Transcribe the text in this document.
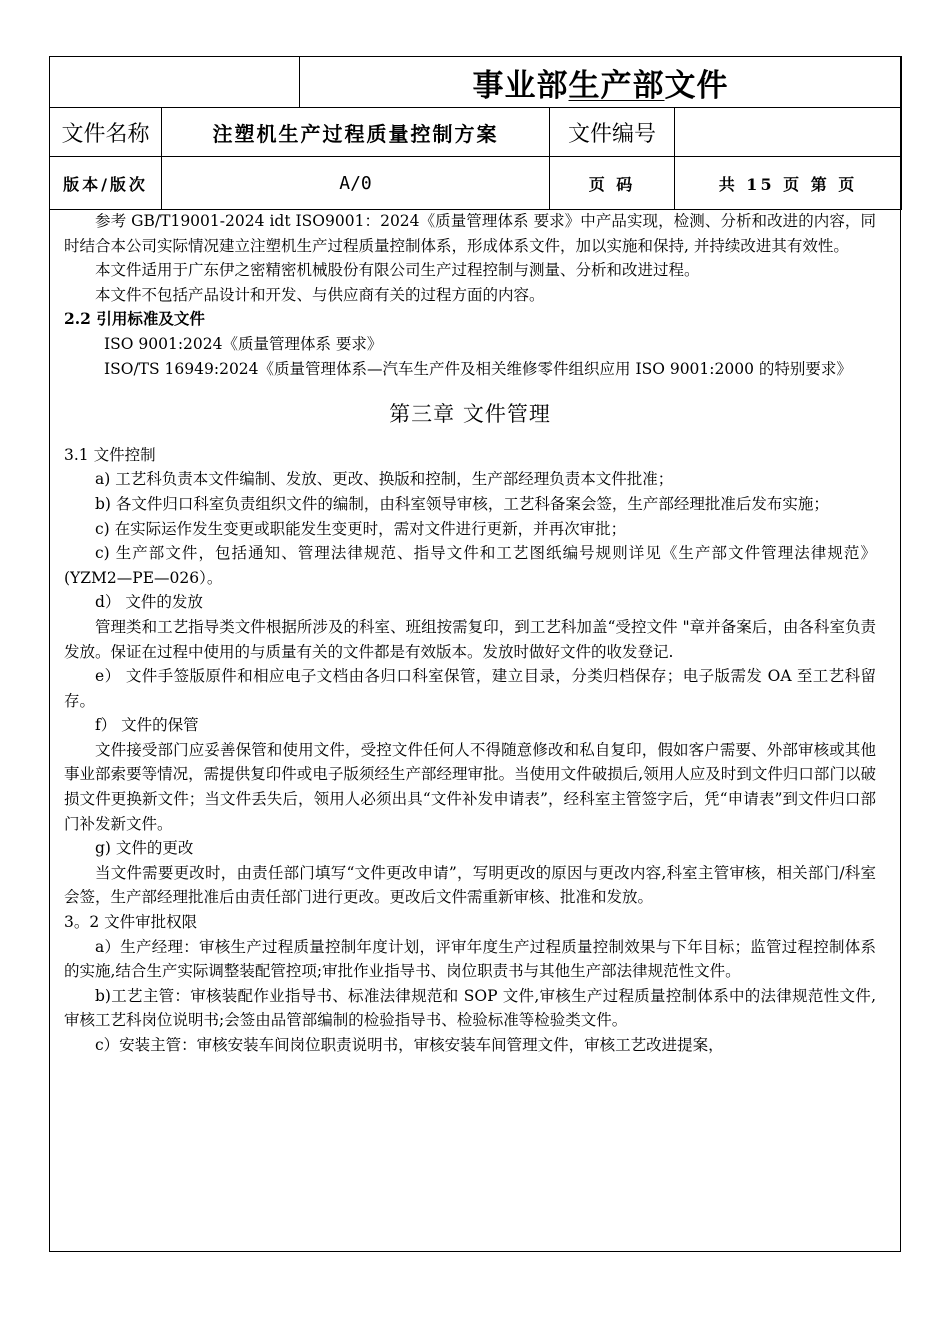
		事业部生产部文件		
文件名称	注塑机生产过程质量控制方案		文件编号	
版本/版次	A/0		页 码	共 15 页 第 页

参考 GB/T19001-2024 idt ISO9001：2024《质量管理体系 要求》中产品实现，检测、分析和改进的内容，同时结合本公司实际情况建立注塑机生产过程质量控制体系，形成体系文件，加以实施和保持, 并持续改进其有效性。

本文件适用于广东伊之密精密机械股份有限公司生产过程控制与测量、分析和改进过程。

本文件不包括产品设计和开发、与供应商有关的过程方面的内容。

2.2 引用标准及文件

ISO 9001:2024《质量管理体系 要求》

ISO/TS 16949:2024《质量管理体系—汽车生产件及相关维修零件组织应用 ISO 9001:2000 的特别要求》

第三章 文件管理

3.1 文件控制

a) 工艺科负责本文件编制、发放、更改、换版和控制，生产部经理负责本文件批准；

b) 各文件归口科室负责组织文件的编制，由科室领导审核，工艺科备案会签，生产部经理批准后发布实施；

c) 在实际运作发生变更或职能发生变更时，需对文件进行更新，并再次审批；

c) 生产部文件，包括通知、管理法律规范、指导文件和工艺图纸编号规则详见《生产部文件管理法律规范》(YZM2—PE—026）。

d） 文件的发放

管理类和工艺指导类文件根据所涉及的科室、班组按需复印，到工艺科加盖“受控文件 "章并备案后，由各科室负责发放。保证在过程中使用的与质量有关的文件都是有效版本。发放时做好文件的收发登记.

e） 文件手签版原件和相应电子文档由各归口科室保管，建立目录，分类归档保存；电子版需发 OA 至工艺科留存。

f） 文件的保管

文件接受部门应妥善保管和使用文件，受控文件任何人不得随意修改和私自复印，假如客户需要、外部审核或其他事业部索要等情况，需提供复印件或电子版须经生产部经理审批。当使用文件破损后,领用人应及时到文件归口部门以破损文件更换新文件；当文件丢失后，领用人必须出具“文件补发申请表”，经科室主管签字后，凭“申请表”到文件归口部门补发新文件。

g) 文件的更改

当文件需要更改时，由责任部门填写“文件更改申请”，写明更改的原因与更改内容,科室主管审核，相关部门/科室会签，生产部经理批准后由责任部门进行更改。更改后文件需重新审核、批准和发放。

3。2 文件审批权限

a）生产经理：审核生产过程质量控制年度计划，评审年度生产过程质量控制效果与下年目标；监管过程控制体系的实施,结合生产实际调整装配管控项;审批作业指导书、岗位职责书与其他生产部法律规范性文件。

b)工艺主管：审核装配作业指导书、标准法律规范和 SOP 文件,审核生产过程质量控制体系中的法律规范性文件,审核工艺科岗位说明书;会签由品管部编制的检验指导书、检验标准等检验类文件。

c）安装主管：审核安装车间岗位职责说明书，审核安装车间管理文件，审核工艺改进提案，
